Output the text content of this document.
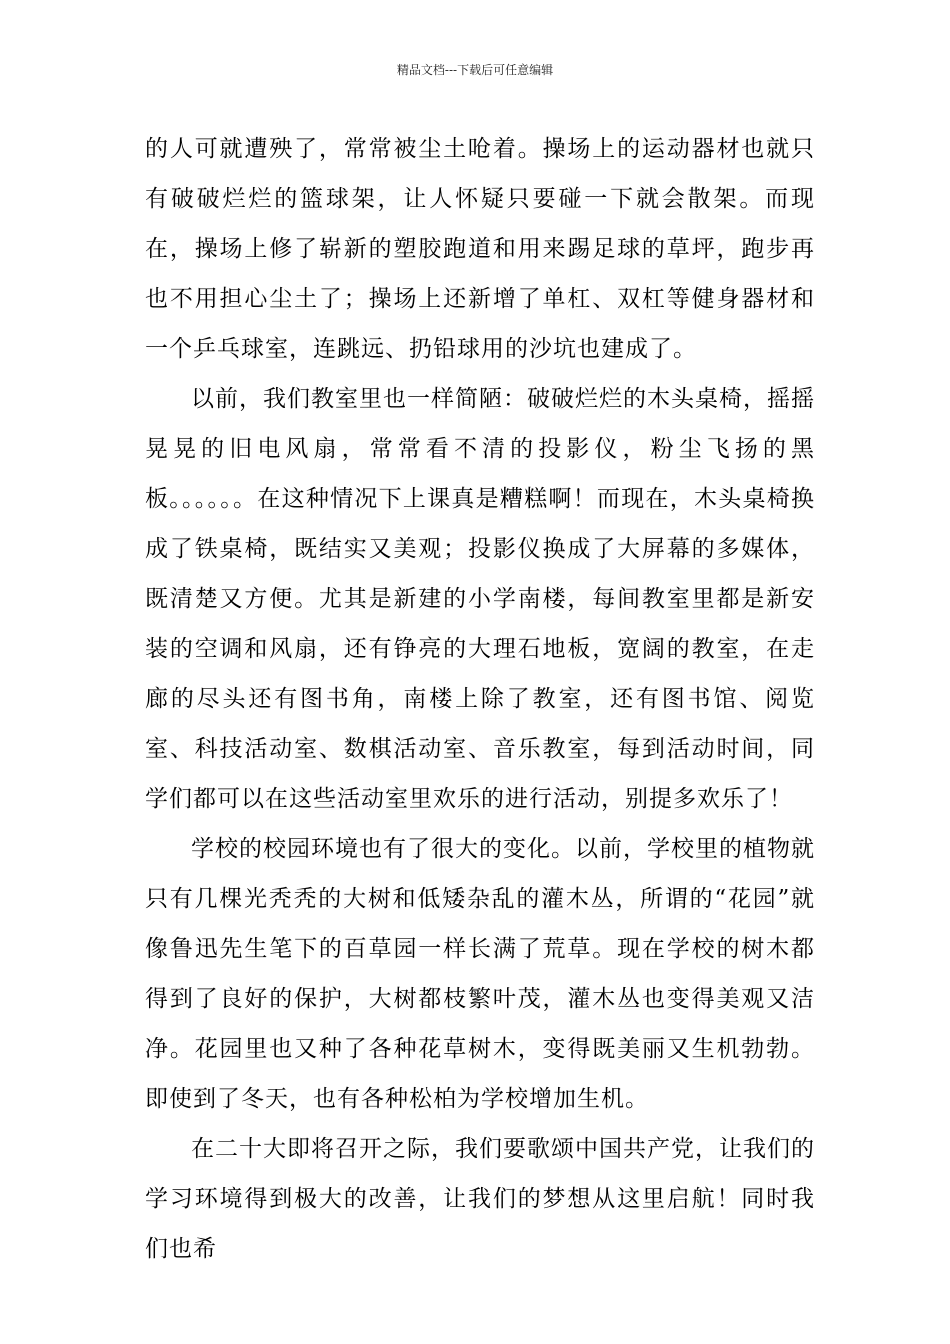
精品文档---下载后可任意编辑

的人可就遭殃了，常常被尘土呛着。操场上的运动器材也就只有破破烂烂的篮球架，让人怀疑只要碰一下就会散架。而现在，操场上修了崭新的塑胶跑道和用来踢足球的草坪，跑步再也不用担心尘土了；操场上还新增了单杠、双杠等健身器材和一个乒乓球室，连跳远、扔铅球用的沙坑也建成了。

以前，我们教室里也一样简陋：破破烂烂的木头桌椅，摇摇晃晃的旧电风扇，常常看不清的投影仪，粉尘飞扬的黑板。。。。。。在这种情况下上课真是糟糕啊！而现在，木头桌椅换成了铁桌椅，既结实又美观；投影仪换成了大屏幕的多媒体，既清楚又方便。尤其是新建的小学南楼，每间教室里都是新安装的空调和风扇，还有铮亮的大理石地板，宽阔的教室，在走廊的尽头还有图书角，南楼上除了教室，还有图书馆、阅览室、科技活动室、数棋活动室、音乐教室，每到活动时间，同学们都可以在这些活动室里欢乐的进行活动，别提多欢乐了！

学校的校园环境也有了很大的变化。以前，学校里的植物就只有几棵光秃秃的大树和低矮杂乱的灌木丛，所谓的“花园”就像鲁迅先生笔下的百草园一样长满了荒草。现在学校的树木都得到了良好的保护，大树都枝繁叶茂，灌木丛也变得美观又洁净。花园里也又种了各种花草树木，变得既美丽又生机勃勃。即使到了冬天，也有各种松柏为学校增加生机。

在二十大即将召开之际，我们要歌颂中国共产党，让我们的学习环境得到极大的改善，让我们的梦想从这里启航！同时我们也希
